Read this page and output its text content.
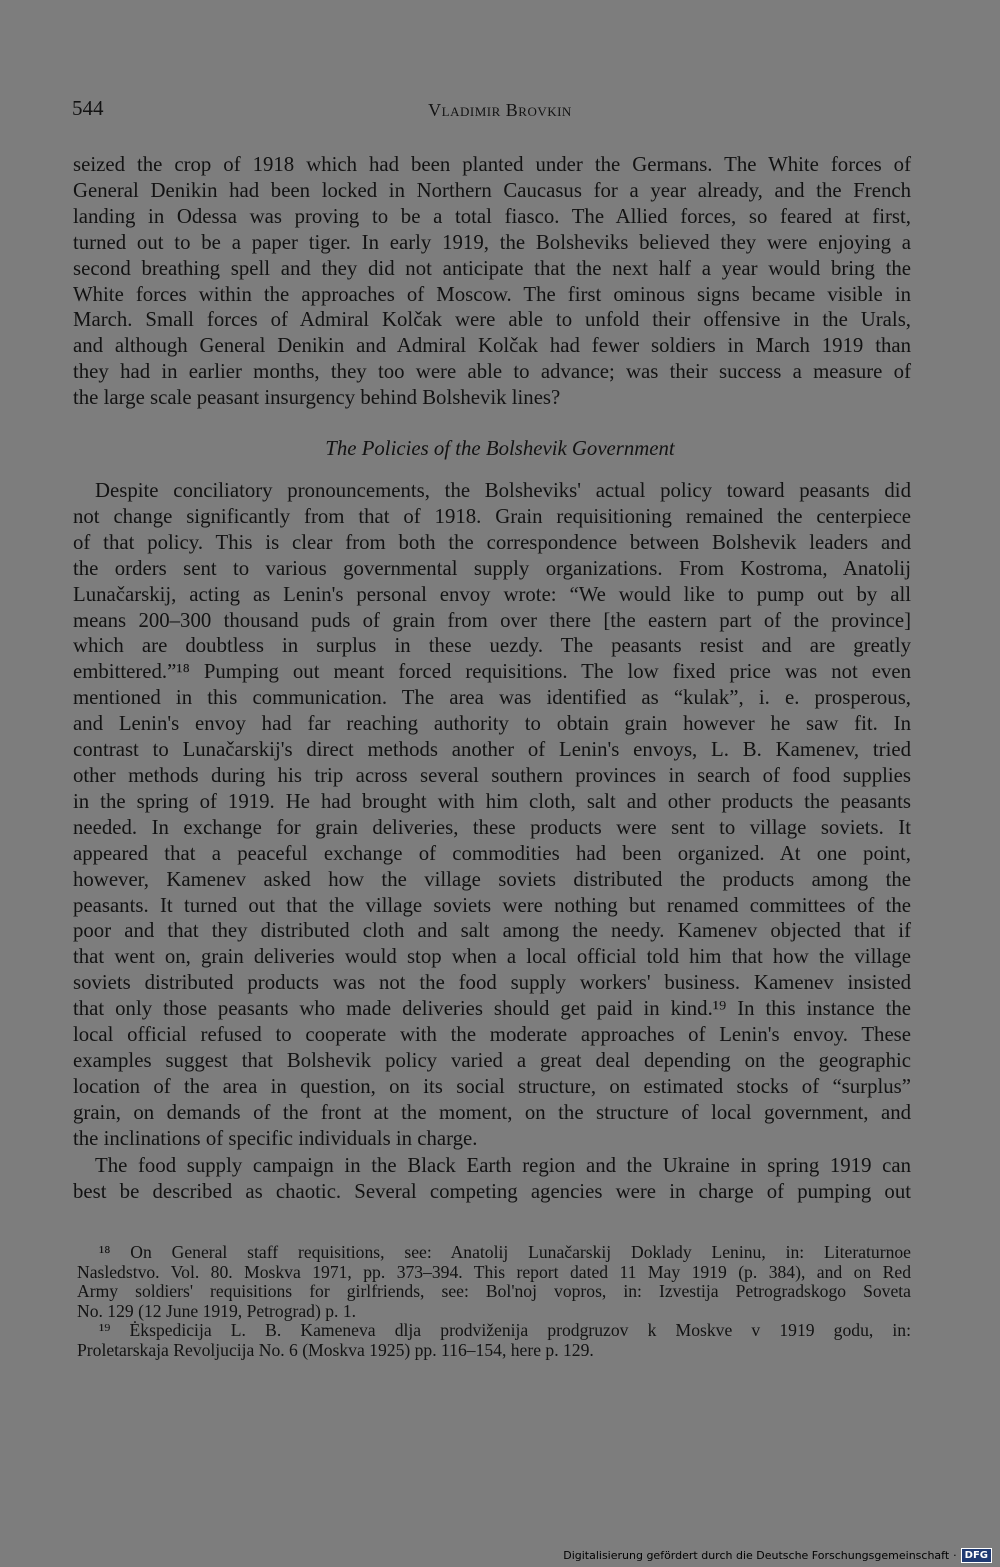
544	Vladimir Brovkin
seized the crop of 1918 which had been planted under the Germans. The White forces of
General Denikin had been locked in Northern Caucasus for a year already, and the French
landing in Odessa was proving to be a total fiasco. The Allied forces, so feared at first,
turned out to be a paper tiger. In early 1919, the Bolsheviks believed they were enjoying a
second breathing spell and they did not anticipate that the next half a year would bring the
White forces within the approaches of Moscow. The first ominous signs became visible in
March. Small forces of Admiral Kolčak were able to unfold their offensive in the Urals,
and although General Denikin and Admiral Kolčak had fewer soldiers in March 1919 than
they had in earlier months, they too were able to advance; was their success a measure of
the large scale peasant insurgency behind Bolshevik lines?
The Policies of the Bolshevik Government
Despite conciliatory pronouncements, the Bolsheviks' actual policy toward peasants did
not change significantly from that of 1918. Grain requisitioning remained the centerpiece
of that policy. This is clear from both the correspondence between Bolshevik leaders and
the orders sent to various governmental supply organizations. From Kostroma, Anatolij
Lunačarskij, acting as Lenin's personal envoy wrote: “We would like to pump out by all
means 200–300 thousand puds of grain from over there [the eastern part of the province]
which are doubtless in surplus in these uezdy. The peasants resist and are greatly
embittered.”¹⁸ Pumping out meant forced requisitions. The low fixed price was not even
mentioned in this communication. The area was identified as “kulak”, i. e. prosperous,
and Lenin's envoy had far reaching authority to obtain grain however he saw fit. In
contrast to Lunačarskij's direct methods another of Lenin's envoys, L. B. Kamenev, tried
other methods during his trip across several southern provinces in search of food supplies
in the spring of 1919. He had brought with him cloth, salt and other products the peasants
needed. In exchange for grain deliveries, these products were sent to village soviets. It
appeared that a peaceful exchange of commodities had been organized. At one point,
however, Kamenev asked how the village soviets distributed the products among the
peasants. It turned out that the village soviets were nothing but renamed committees of the
poor and that they distributed cloth and salt among the needy. Kamenev objected that if
that went on, grain deliveries would stop when a local official told him that how the village
soviets distributed products was not the food supply workers' business. Kamenev insisted
that only those peasants who made deliveries should get paid in kind.¹⁹ In this instance the
local official refused to cooperate with the moderate approaches of Lenin's envoy. These
examples suggest that Bolshevik policy varied a great deal depending on the geographic
location of the area in question, on its social structure, on estimated stocks of “surplus”
grain, on demands of the front at the moment, on the structure of local government, and
the inclinations of specific individuals in charge.
The food supply campaign in the Black Earth region and the Ukraine in spring 1919 can
best be described as chaotic. Several competing agencies were in charge of pumping out
¹⁸ On General staff requisitions, see: Anatolij Lunačarskij Doklady Leninu, in: Literaturnoe
Nasledstvo. Vol. 80. Moskva 1971, pp. 373–394. This report dated 11 May 1919 (p. 384), and on Red
Army soldiers' requisitions for girlfriends, see: Bol'noj vopros, in: Izvestija Petrogradskogo Soveta
No. 129 (12 June 1919, Petrograd) p. 1.
¹⁹ Ėkspedicija L. B. Kameneva dlja prodviženija prodgruzov k Moskve v 1919 godu, in:
Proletarskaja Revoljucija No. 6 (Moskva 1925) pp. 116–154, here p. 129.
Digitalisierung gefördert durch die Deutsche Forschungsgemeinschaft · DFG
